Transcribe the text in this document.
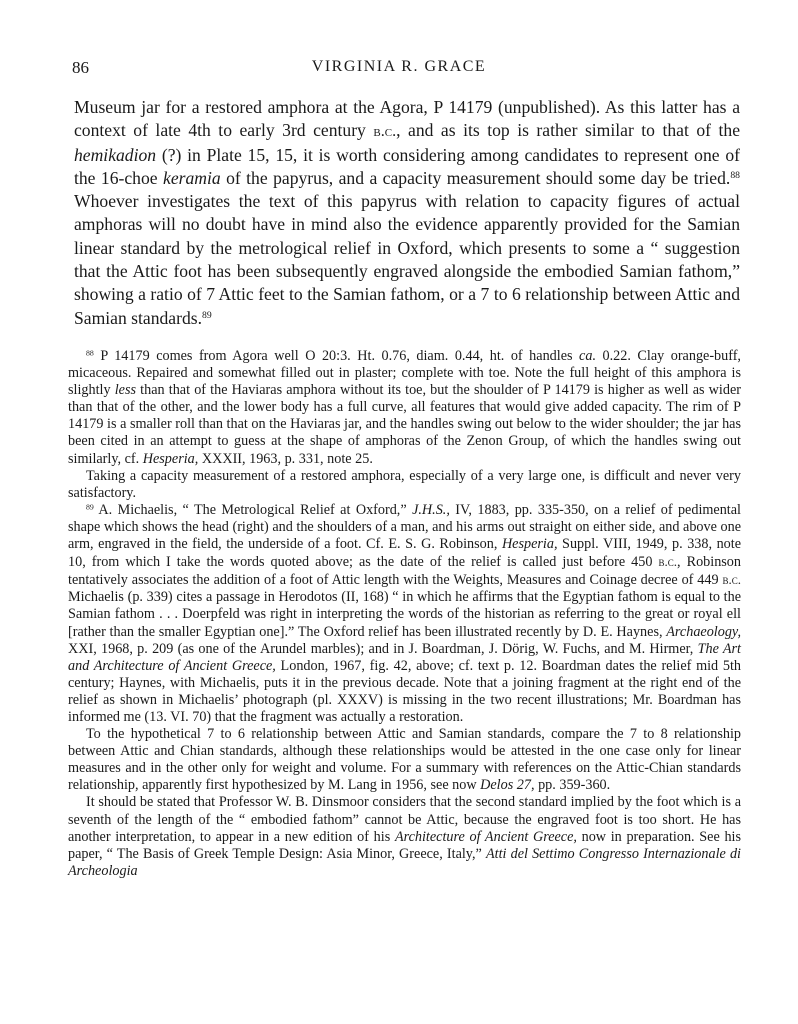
86	VIRGINIA R. GRACE

Museum jar for a restored amphora at the Agora, P 14179 (unpublished). As this latter has a context of late 4th to early 3rd century b.c., and as its top is rather similar to that of the hemikadion (?) in Plate 15, 15, it is worth considering among candidates to represent one of the 16-choe keramia of the papyrus, and a capacity measurement should some day be tried.$^{88}$ Whoever investigates the text of this papyrus with relation to capacity figures of actual amphoras will no doubt have in mind also the evidence apparently provided for the Samian linear standard by the metrological relief in Oxford, which presents to some a “ suggestion that the Attic foot has been subsequently engraved alongside the embodied Samian fathom,” showing a ratio of 7 Attic feet to the Samian fathom, or a 7 to 6 relationship between Attic and Samian standards.$^{89}$

$^{88}$ P 14179 comes from Agora well O 20:3. Ht. 0.76, diam. 0.44, ht. of handles ca. 0.22. Clay orange-buff, micaceous. Repaired and somewhat filled out in plaster; complete with toe. Note the full height of this amphora is slightly less than that of the Haviaras amphora without its toe, but the shoulder of P 14179 is higher as well as wider than that of the other, and the lower body has a full curve, all features that would give added capacity. The rim of P 14179 is a smaller roll than that on the Haviaras jar, and the handles swing out below to the wider shoulder; the jar has been cited in an attempt to guess at the shape of amphoras of the Zenon Group, of which the handles swing out similarly, cf. Hesperia, XXXII, 1963, p. 331, note 25.

Taking a capacity measurement of a restored amphora, especially of a very large one, is difficult and never very satisfactory.

$^{89}$ A. Michaelis, “ The Metrological Relief at Oxford,” J.H.S., IV, 1883, pp. 335-350, on a relief of pedimental shape which shows the head (right) and the shoulders of a man, and his arms out straight on either side, and above one arm, engraved in the field, the underside of a foot. Cf. E. S. G. Robinson, Hesperia, Suppl. VIII, 1949, p. 338, note 10, from which I take the words quoted above; as the date of the relief is called just before 450 b.c., Robinson tentatively associates the addition of a foot of Attic length with the Weights, Measures and Coinage decree of 449 b.c. Michaelis (p. 339) cites a passage in Herodotos (II, 168) “ in which he affirms that the Egyptian fathom is equal to the Samian fathom . . . Doerpfeld was right in interpreting the words of the historian as referring to the great or royal ell [rather than the smaller Egyptian one].” The Oxford relief has been illustrated recently by D. E. Haynes, Archaeology, XXI, 1968, p. 209 (as one of the Arundel marbles); and in J. Boardman, J. Dörig, W. Fuchs, and M. Hirmer, The Art and Architecture of Ancient Greece, London, 1967, fig. 42, above; cf. text p. 12. Boardman dates the relief mid 5th century; Haynes, with Michaelis, puts it in the previous decade. Note that a joining fragment at the right end of the relief as shown in Michaelis’ photograph (pl. XXXV) is missing in the two recent illustrations; Mr. Boardman has informed me (13. VI. 70) that the fragment was actually a restoration.

To the hypothetical 7 to 6 relationship between Attic and Samian standards, compare the 7 to 8 relationship between Attic and Chian standards, although these relationships would be attested in the one case only for linear measures and in the other only for weight and volume. For a summary with references on the Attic-Chian standards relationship, apparently first hypothesized by M. Lang in 1956, see now Delos 27, pp. 359-360.

It should be stated that Professor W. B. Dinsmoor considers that the second standard implied by the foot which is a seventh of the length of the “ embodied fathom” cannot be Attic, because the engraved foot is too short. He has another interpretation, to appear in a new edition of his Architecture of Ancient Greece, now in preparation. See his paper, “ The Basis of Greek Temple Design: Asia Minor, Greece, Italy,” Atti del Settimo Congresso Internazionale di Archeologia
